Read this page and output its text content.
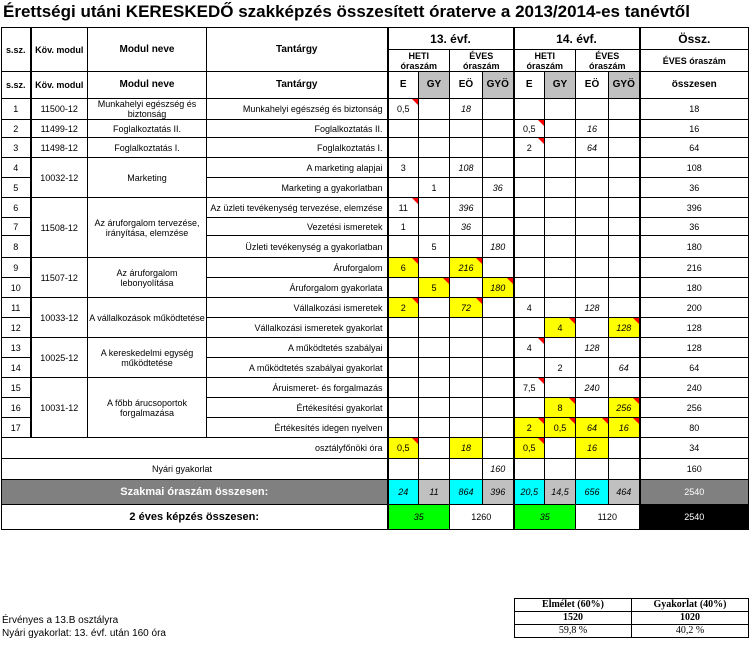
Érettségi utáni KERESKEDŐ szakképzés összesített óraterve a 2013/2014-es tanévtől
s.sz.	Köv. modul	Modul neve	Tantárgy	13. évf.				14. évf.				Össz.
				HETI óraszám		ÉVES óraszám		HETI óraszám		ÉVES óraszám		ÉVES óraszám
s.sz.	Köv. modul	Modul neve	Tantárgy	E	GY	EÖ	GYÖ	E	GY	EÖ	GYÖ	összesen
1	11500-12	Munkahelyi egészség és biztonság	Munkahelyi egészség és biztonság	0,5		18						18
2	11499-12	Foglalkoztatás II.	Foglalkoztatás II.					0,5		16		16
3	11498-12	Foglalkoztatás I.	Foglalkoztatás I.					2		64		64
4	10032-12	Marketing	A marketing alapjai	3		108						108
5			Marketing a gyakorlatban		1		36					36
6	11508-12	Az áruforgalom tervezése, irányítása, elemzése	Az üzleti tevékenység tervezése, elemzése	11		396						396
7			Vezetési ismeretek	1		36						36
8			Üzleti tevékenység a gyakorlatban		5		180					180
9	11507-12	Az áruforgalom lebonyolítása	Áruforgalom	6		216						216
10			Áruforgalom gyakorlata		5		180					180
11	10033-12	A vállalkozások működtetése	Vállalkozási ismeretek	2		72		4		128		200
12			Vállalkozási ismeretek gyakorlat						4		128	128
13	10025-12	A kereskedelmi egység működtetése	A működtetés szabályai					4		128		128
14			A működtetés szabályai gyakorlat						2		64	64
15	10031-12	A főbb árucsoportok forgalmazása	Áruismeret- és forgalmazás					7,5		240		240
16			Értékesítési gyakorlat						8		256	256
17			Értékesítés idegen nyelven					2	0,5	64	16	80
osztályfőnöki óra				0,5		18		0,5		16		34
Nyári gyakorlat							160					160
Szakmai óraszám összesen:				24	11	864	396	20,5	14,5	656	464	2540
2 éves képzés összesen:				35		1260		35		1120		2540
Érvényes a 13.B osztályra
Nyári gyakorlat: 13. évf. után 160 óra
Elmélet (60%)	Gyakorlat (40%)
1520	1020
59,8 %	40,2 %
